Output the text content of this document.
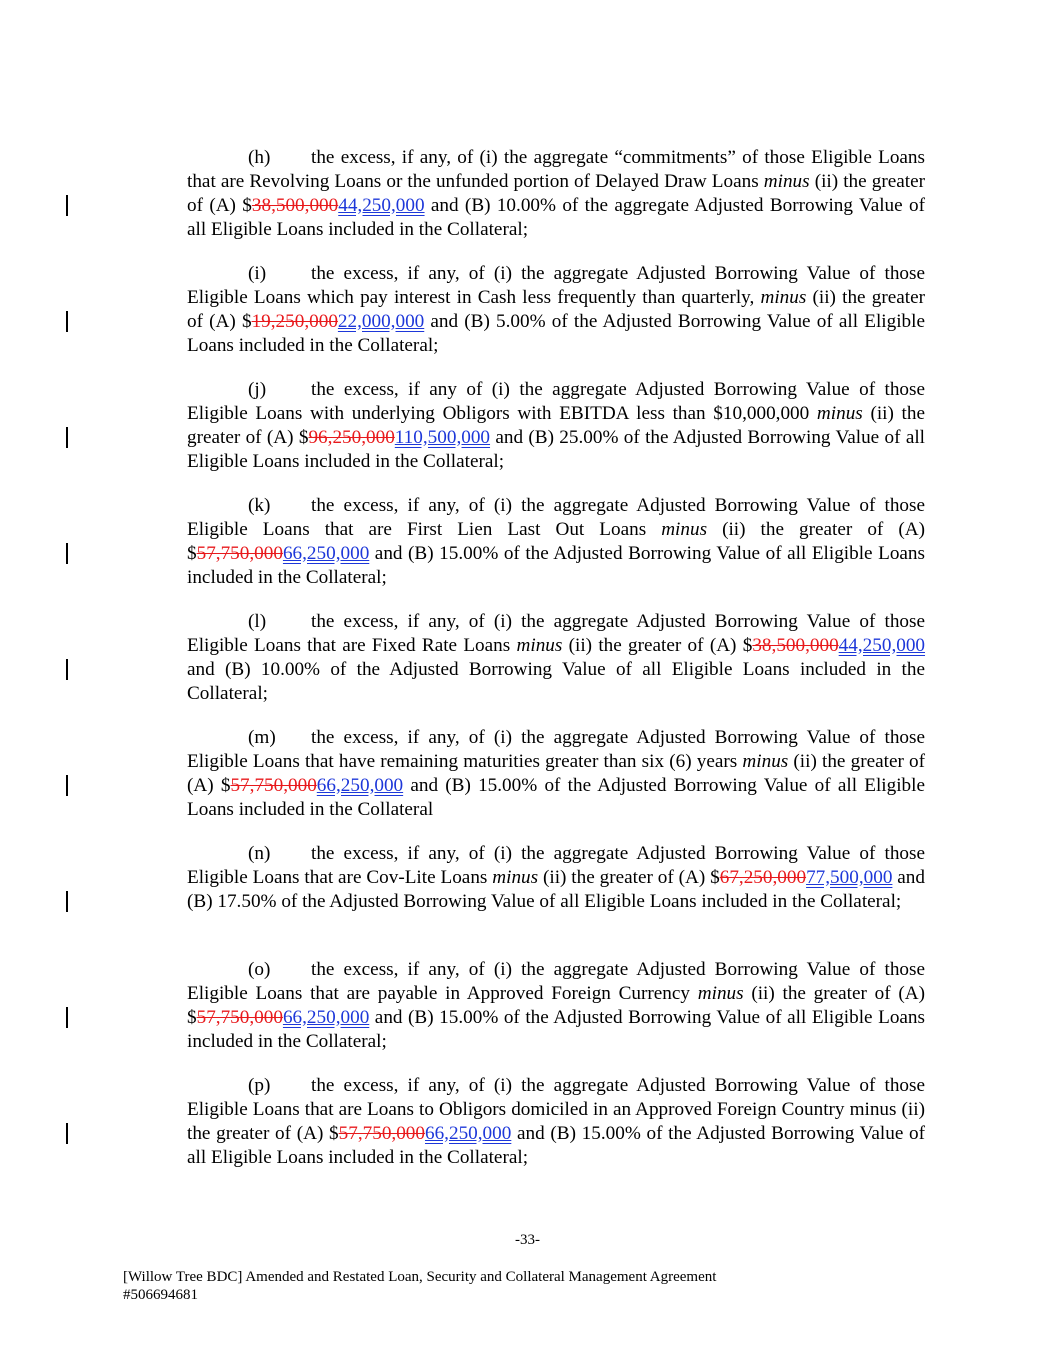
(h) the excess, if any, of (i) the aggregate “commitments” of those Eligible Loans that are Revolving Loans or the unfunded portion of Delayed Draw Loans minus (ii) the greater of (A) $38,500,00044,250,000 and (B) 10.00% of the aggregate Adjusted Borrowing Value of all Eligible Loans included in the Collateral;

(i) the excess, if any, of (i) the aggregate Adjusted Borrowing Value of those Eligible Loans which pay interest in Cash less frequently than quarterly, minus (ii) the greater of (A) $19,250,00022,000,000 and (B) 5.00% of the Adjusted Borrowing Value of all Eligible Loans included in the Collateral;

(j) the excess, if any of (i) the aggregate Adjusted Borrowing Value of those Eligible Loans with underlying Obligors with EBITDA less than $10,000,000 minus (ii) the greater of (A) $96,250,000110,500,000 and (B) 25.00% of the Adjusted Borrowing Value of all Eligible Loans included in the Collateral;

(k) the excess, if any, of (i) the aggregate Adjusted Borrowing Value of those Eligible Loans that are First Lien Last Out Loans minus (ii) the greater of (A) $57,750,00066,250,000 and (B) 15.00% of the Adjusted Borrowing Value of all Eligible Loans included in the Collateral;

(l) the excess, if any, of (i) the aggregate Adjusted Borrowing Value of those Eligible Loans that are Fixed Rate Loans minus (ii) the greater of (A) $38,500,00044,250,000 and (B) 10.00% of the Adjusted Borrowing Value of all Eligible Loans included in the Collateral;

(m) the excess, if any, of (i) the aggregate Adjusted Borrowing Value of those Eligible Loans that have remaining maturities greater than six (6) years minus (ii) the greater of (A) $57,750,00066,250,000 and (B) 15.00% of the Adjusted Borrowing Value of all Eligible Loans included in the Collateral

(n) the excess, if any, of (i) the aggregate Adjusted Borrowing Value of those Eligible Loans that are Cov-Lite Loans minus (ii) the greater of (A) $67,250,00077,500,000 and (B) 17.50% of the Adjusted Borrowing Value of all Eligible Loans included in the Collateral;

(o) the excess, if any, of (i) the aggregate Adjusted Borrowing Value of those Eligible Loans that are payable in Approved Foreign Currency minus (ii) the greater of (A) $57,750,00066,250,000 and (B) 15.00% of the Adjusted Borrowing Value of all Eligible Loans included in the Collateral;

(p) the excess, if any, of (i) the aggregate Adjusted Borrowing Value of those Eligible Loans that are Loans to Obligors domiciled in an Approved Foreign Country minus (ii) the greater of (A) $57,750,00066,250,000 and (B) 15.00% of the Adjusted Borrowing Value of all Eligible Loans included in the Collateral;

-33-
[Willow Tree BDC] Amended and Restated Loan, Security and Collateral Management Agreement
#506694681
